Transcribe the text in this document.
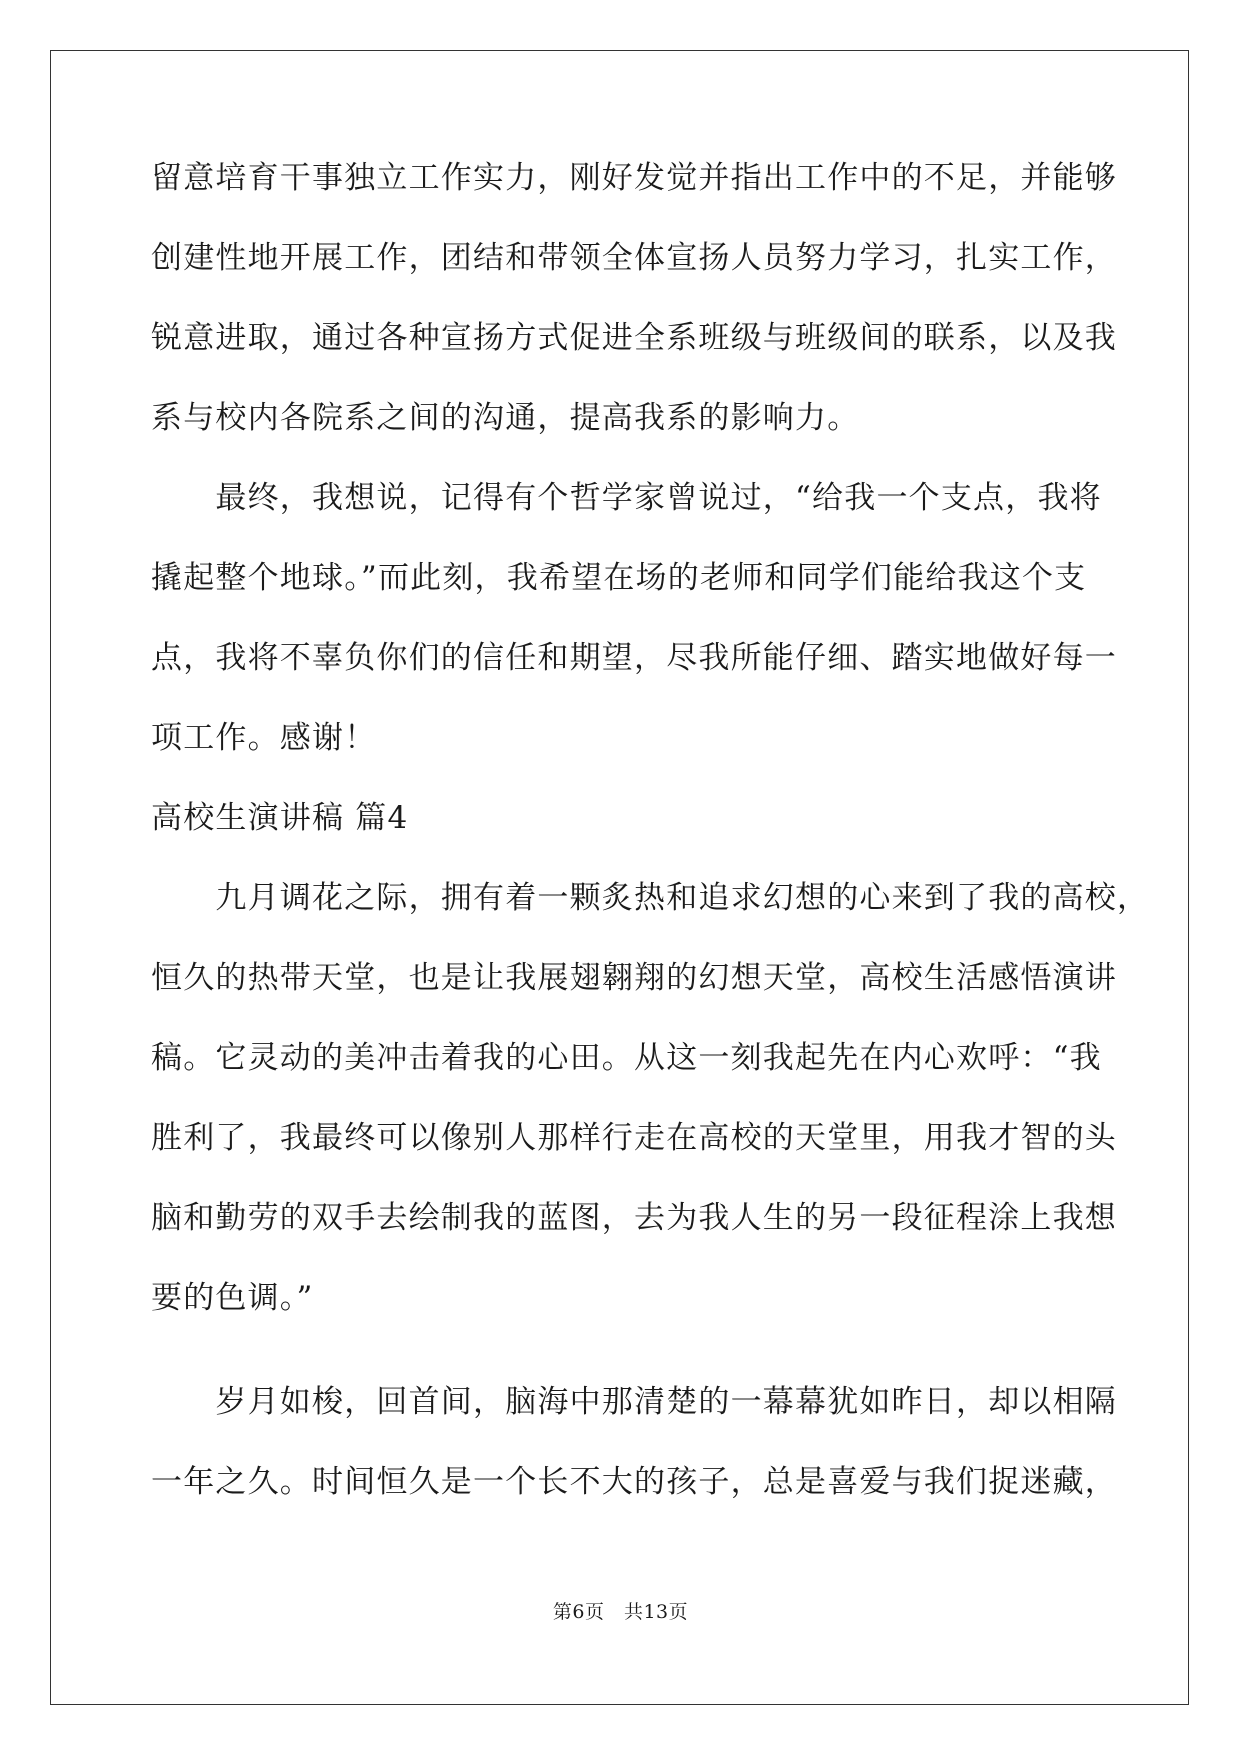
留意培育干事独立工作实力，刚好发觉并指出工作中的不足，并能够
创建性地开展工作，团结和带领全体宣扬人员努力学习，扎实工作，
锐意进取，通过各种宣扬方式促进全系班级与班级间的联系，以及我
系与校内各院系之间的沟通，提高我系的影响力。
　　最终，我想说，记得有个哲学家曾说过，“给我一个支点，我将
撬起整个地球。”而此刻，我希望在场的老师和同学们能给我这个支
点，我将不辜负你们的信任和期望，尽我所能仔细、踏实地做好每一
项工作。感谢！
高校生演讲稿 篇4
　　九月调花之际，拥有着一颗炙热和追求幻想的心来到了我的高校，
恒久的热带天堂，也是让我展翅翱翔的幻想天堂，高校生活感悟演讲
稿。它灵动的美冲击着我的心田。从这一刻我起先在内心欢呼：“我
胜利了，我最终可以像别人那样行走在高校的天堂里，用我才智的头
脑和勤劳的双手去绘制我的蓝图，去为我人生的另一段征程涂上我想
要的色调。”
　　岁月如梭，回首间，脑海中那清楚的一幕幕犹如昨日，却以相隔
一年之久。时间恒久是一个长不大的孩子，总是喜爱与我们捉迷藏，
第6页　共13页
